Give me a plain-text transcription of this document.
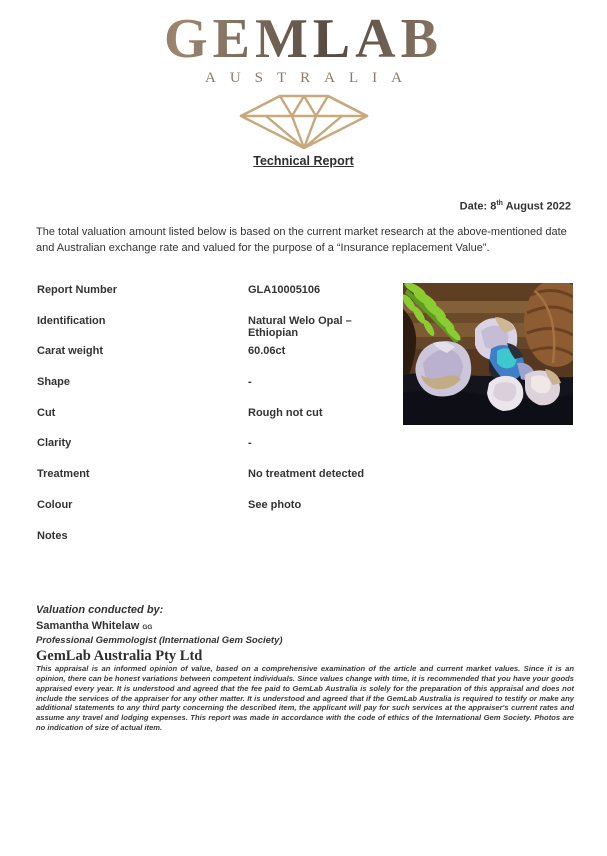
GEMLAB
AUSTRALIA
Technical Report
Date: 8th August 2022

The total valuation amount listed below is based on the current market research at the above-mentioned date and Australian exchange rate and valued for the purpose of a “Insurance replacement Value”.

Report Number	GLA10005106
Identification	Natural Welo Opal – Ethiopian
Carat weight	60.06ct
Shape	-
Cut	Rough not cut
Clarity	-
Treatment	No treatment detected
Colour	See photo
Notes
Valuation conducted by:
Samantha Whitelaw GG
Professional Gemmologist (International Gem Society)
GemLab Australia Pty Ltd

This appraisal is an informed opinion of value, based on a comprehensive examination of the article and current market values. Since it is an opinion, there can be honest variations between competent individuals. Since values change with time, it is recommended that you have your goods appraised every year. It is understood and agreed that the fee paid to GemLab Australia is solely for the preparation of this appraisal and does not include the services of the appraiser for any other matter. It is understood and agreed that if the GemLab Australia is required to testify or make any additional statements to any third party concerning the described item, the applicant will pay for such services at the appraiser's current rates and assume any travel and lodging expenses. This report was made in accordance with the code of ethics of the International Gem Society. Photos are no indication of size of actual item.
